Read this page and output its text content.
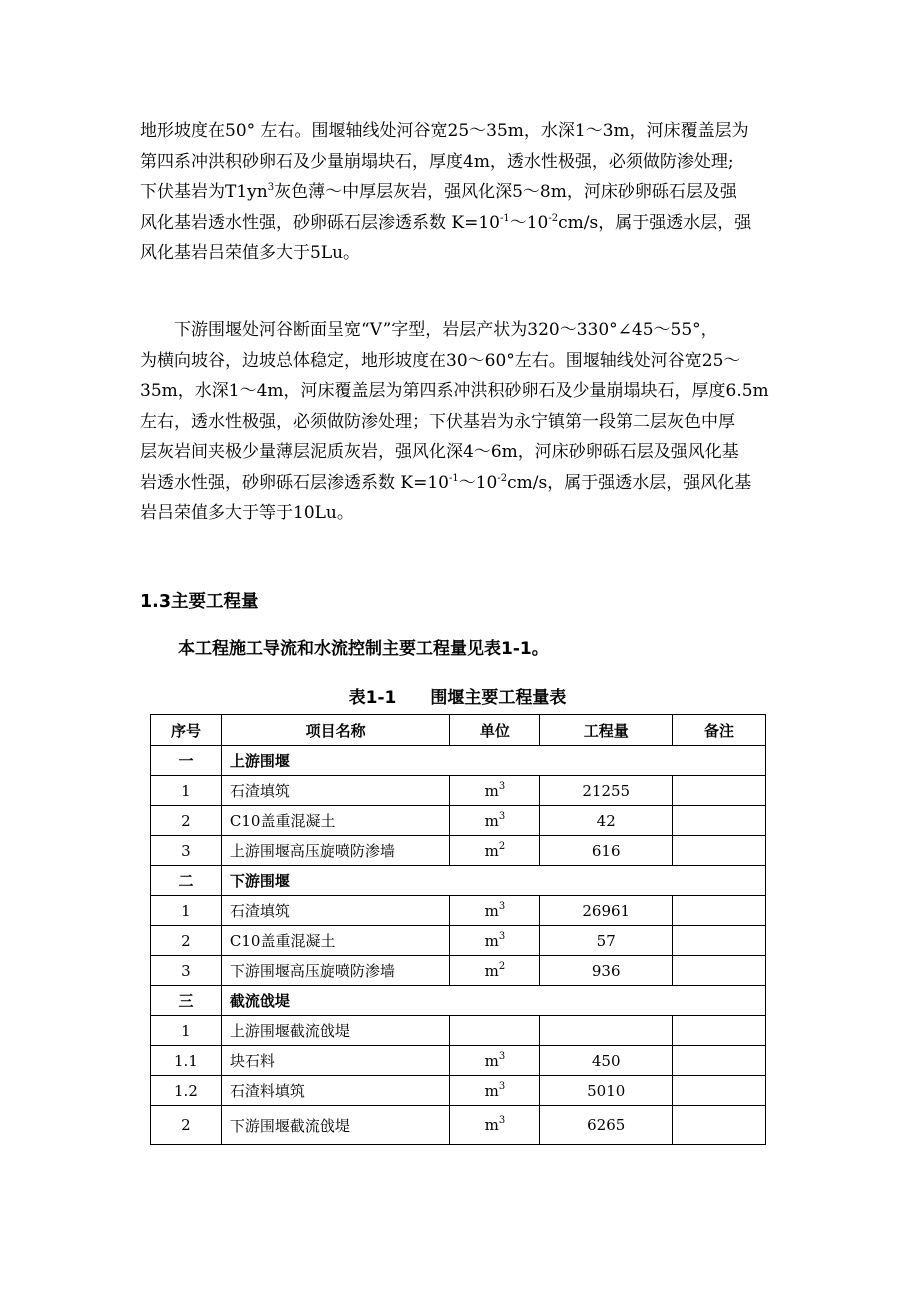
地形坡度在50° 左右。围堰轴线处河谷宽25～35m，水深1～3m，河床覆盖层为
第四系冲洪积砂卵石及少量崩塌块石，厚度4m，透水性极强，必须做防渗处理;
下伏基岩为$T1yn^3$灰色薄～中厚层灰岩，强风化深5～8m，河床砂卵砾石层及强
风化基岩透水性强，砂卵砾石层渗透系数 $K=10^{-1}\sim 10^{-2}cm/s$，属于强透水层，强
风化基岩吕荣值多大于5Lu。
　　下游围堰处河谷断面呈宽“V”字型，岩层产状为320～330°∠45～55°，
为横向坡谷，边坡总体稳定，地形坡度在30～60°左右。围堰轴线处河谷宽25～
35m，水深1～4m，河床覆盖层为第四系冲洪积砂卵石及少量崩塌块石，厚度6.5m
左右，透水性极强，必须做防渗处理；下伏基岩为永宁镇第一段第二层灰色中厚
层灰岩间夹极少量薄层泥质灰岩，强风化深4～6m，河床砂卵砾石层及强风化基
岩透水性强，砂卵砾石层渗透系数 $K=10^{-1}\sim 10^{-2}cm/s$，属于强透水层，强风化基
岩吕荣值多大于等于10Lu。

1.3主要工程量

本工程施工导流和水流控制主要工程量见表1-1。

表1-1 围堰主要工程量表

序号	项目名称	单位	工程量	备注
一	上游围堰			
1	石渣填筑	$m^3$	21255	
2	C10盖重混凝土	$m^3$	42	
3	上游围堰高压旋喷防渗墙	$m^2$	616	
二	下游围堰			
1	石渣填筑	$m^3$	26961	
2	C10盖重混凝土	$m^3$	57	
3	下游围堰高压旋喷防渗墙	$m^2$	936	
三	截流戗堤			
1	上游围堰截流戗堤			
1.1	块石料	$m^3$	450	
1.2	石渣料填筑	$m^3$	5010	
2	下游围堰截流戗堤	$m^3$	6265	
